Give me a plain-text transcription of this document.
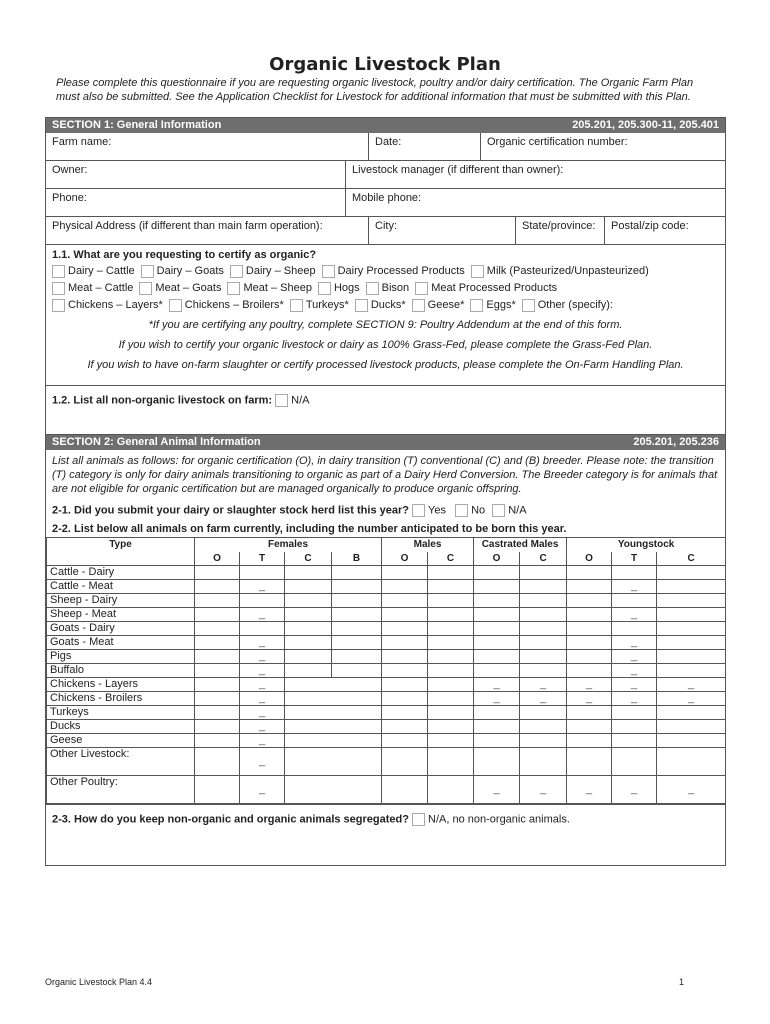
Organic Livestock Plan
Please complete this questionnaire if you are requesting organic livestock, poultry and/or dairy certification. The Organic Farm Plan must also be submitted. See the Application Checklist for Livestock for additional information that must be submitted with this Plan.
SECTION 1: General Information	205.201, 205.300-11, 205.401
Farm name:	Date:	Organic certification number:
Owner:	Livestock manager (if different than owner):
Phone:	Mobile phone:
Physical Address (if different than main farm operation):	City:	State/province:	Postal/zip code:
1.1. What are you requesting to certify as organic?
Dairy – Cattle	Dairy – Goats	Dairy – Sheep	Dairy Processed Products	Milk (Pasteurized/Unpasteurized)
Meat – Cattle	Meat – Goats	Meat – Sheep	Hogs	Bison	Meat Processed Products
Chickens – Layers*	Chickens – Broilers*	Turkeys*	Ducks*	Geese*	Eggs*	Other (specify):
*If you are certifying any poultry, complete SECTION 9: Poultry Addendum at the end of this form.
If you wish to certify your organic livestock or dairy as 100% Grass-Fed, please complete the Grass-Fed Plan.
If you wish to have on-farm slaughter or certify processed livestock products, please complete the On-Farm Handling Plan.
1.2. List all non-organic livestock on farm: N/A
SECTION 2: General Animal Information	205.201, 205.236
List all animals as follows: for organic certification (O), in dairy transition (T) conventional (C) and (B) breeder. Please note: the transition (T) category is only for dairy animals transitioning to organic as part of a Dairy Herd Conversion. The Breeder category is for animals that are not eligible for organic certification but are managed organically to produce organic offspring.
2-1. Did you submit your dairy or slaughter stock herd list this year? Yes No N/A
2-2. List below all animals on farm currently, including the number anticipated to be born this year.
Type	Females				Males		Castrated Males		Youngstock		
	O	T	C	B	O	C	O	C	O	T	C
Cattle - Dairy											
Cattle - Meat		_								_	
Sheep - Dairy											
Sheep - Meat		_								_	
Goats - Dairy											
Goats - Meat		_								_	
Pigs		_								_	
Buffalo		_								_	
Chickens - Layers		_					_	_	_	_	_
Chickens - Broilers		_					_	_	_	_	_
Turkeys		_									
Ducks		_									
Geese		_									
Other Livestock:		_									
Other Poultry:		_					_	_	_	_	_
2-3. How do you keep non-organic and organic animals segregated? N/A, no non-organic animals.
Organic Livestock Plan 4.4	1
